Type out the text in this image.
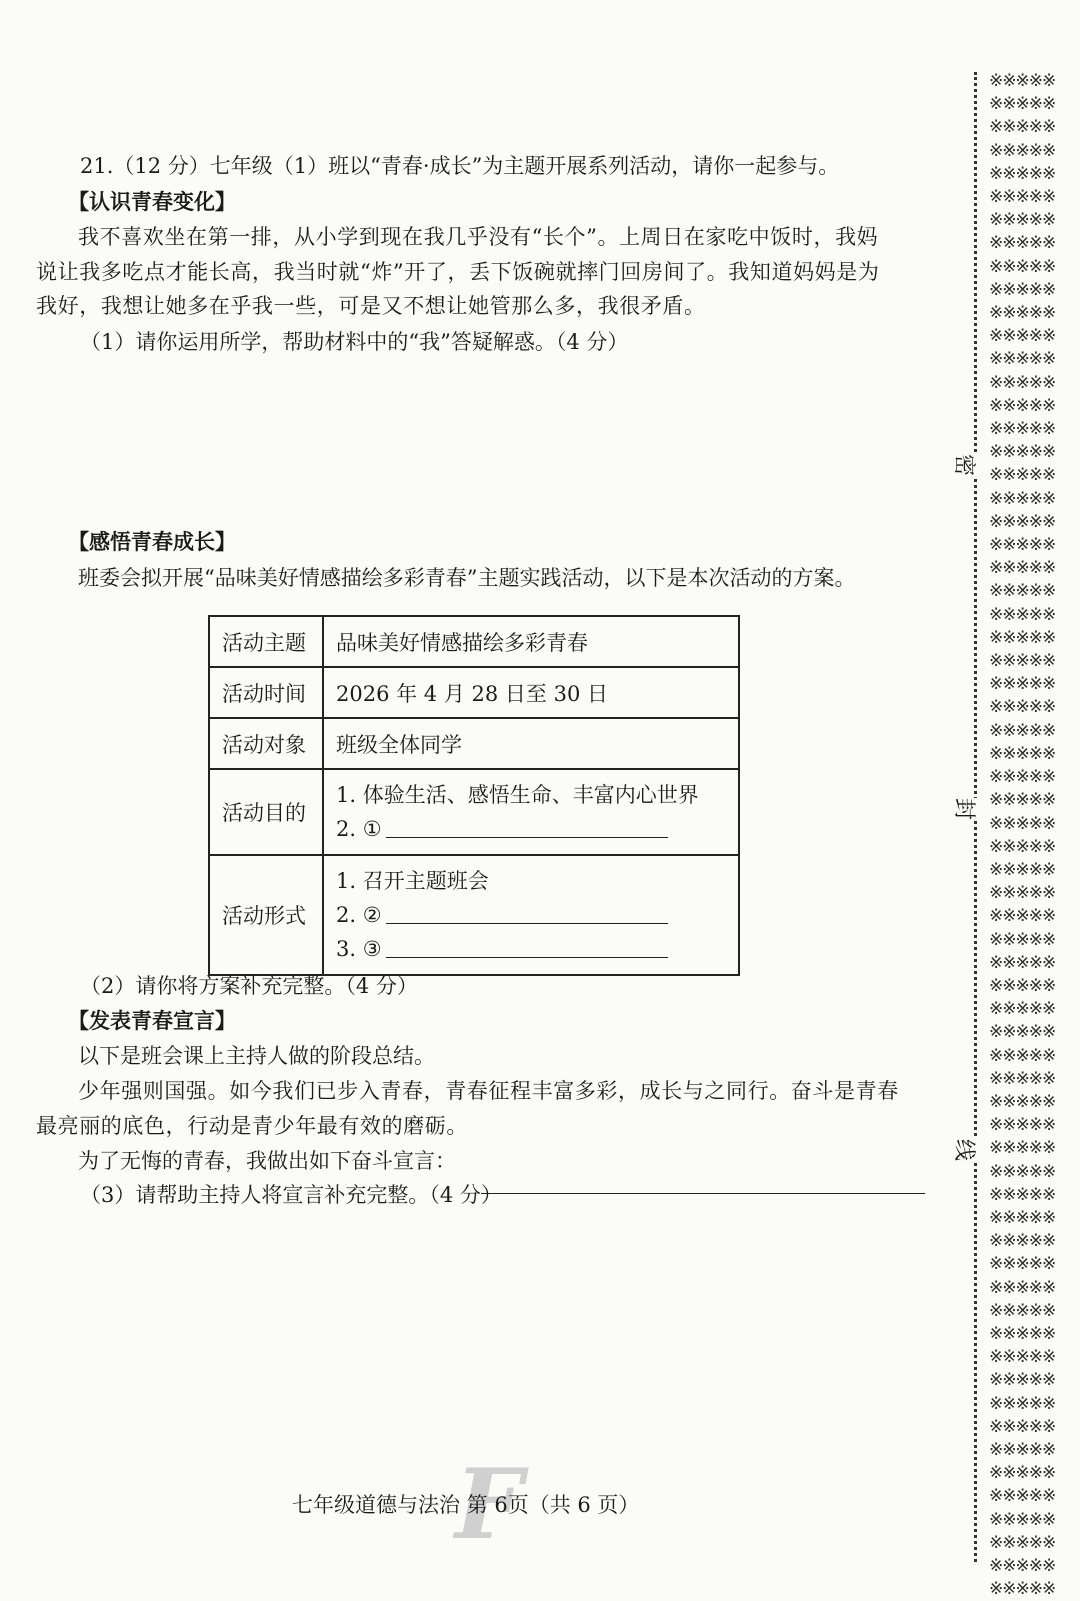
21.（12 分）七年级（1）班以“青春·成长”为主题开展系列活动，请你一起参与。
【认识青春变化】
我不喜欢坐在第一排，从小学到现在我几乎没有“长个”。上周日在家吃中饭时，我妈
说让我多吃点才能长高，我当时就“炸”开了，丢下饭碗就摔门回房间了。我知道妈妈是为
我好，我想让她多在乎我一些，可是又不想让她管那么多，我很矛盾。
（1）请你运用所学，帮助材料中的“我”答疑解惑。（4 分）
【感悟青春成长】
班委会拟开展“品味美好情感描绘多彩青春”主题实践活动，以下是本次活动的方案。
活动主题	品味美好情感描绘多彩青春
活动时间	2026 年 4 月 28 日至 30 日
活动对象	班级全体同学
活动目的	1. 体验生活、感悟生命、丰富内心世界
2. ①

活动形式	1. 召开主题班会
2. ②
3. ③
（2）请你将方案补充完整。（4 分）
【发表青春宣言】
以下是班会课上主持人做的阶段总结。
少年强则国强。如今我们已步入青春，青春征程丰富多彩，成长与之同行。奋斗是青春
最亮丽的底色，行动是青少年最有效的磨砺。
为了无悔的青春，我做出如下奋斗宣言：
（3）请帮助主持人将宣言补充完整。（4 分）
F
七年级道德与法治 第 6页（共 6 页）
密
封
线
※※※※※
※※※※※
※※※※※
※※※※※
※※※※※
※※※※※
※※※※※
※※※※※
※※※※※
※※※※※
※※※※※
※※※※※
※※※※※
※※※※※
※※※※※
※※※※※
※※※※※
※※※※※
※※※※※
※※※※※
※※※※※
※※※※※
※※※※※
※※※※※
※※※※※
※※※※※
※※※※※
※※※※※
※※※※※
※※※※※
※※※※※
※※※※※
※※※※※
※※※※※
※※※※※
※※※※※
※※※※※
※※※※※
※※※※※
※※※※※
※※※※※
※※※※※
※※※※※
※※※※※
※※※※※
※※※※※
※※※※※
※※※※※
※※※※※
※※※※※
※※※※※
※※※※※
※※※※※
※※※※※
※※※※※
※※※※※
※※※※※
※※※※※
※※※※※
※※※※※
※※※※※
※※※※※
※※※※※
※※※※※
※※※※※
※※※※※
